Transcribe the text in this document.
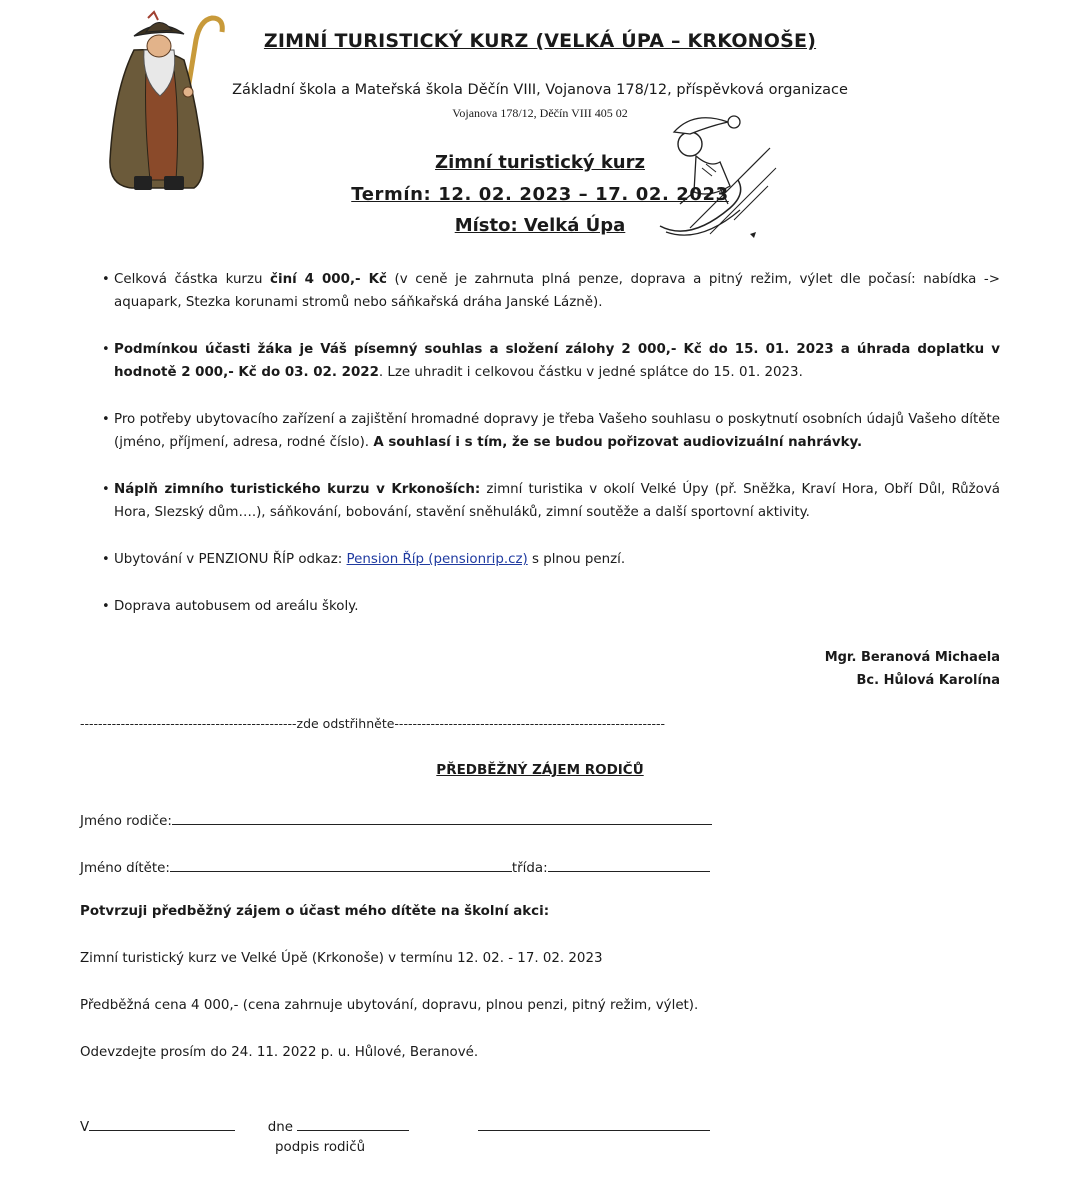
ZIMNÍ TURISTICKÝ KURZ (VELKÁ ÚPA – KRKONOŠE)
Základní škola a Mateřská škola Děčín VIII, Vojanova 178/12, příspěvková organizace
Vojanova 178/12, Děčín VIII 405 02
Zimní turistický kurz
Termín: 12. 02. 2023 – 17. 02. 2023
Místo: Velká Úpa
• Celková částka kurzu činí 4 000,- Kč (v ceně je zahrnuta plná penze, doprava a pitný režim, výlet dle počasí: nabídka -> aquapark, Stezka korunami stromů nebo sáňkařská dráha Janské Lázně).
• Podmínkou účasti žáka je Váš písemný souhlas a složení zálohy 2 000,- Kč do 15. 01. 2023 a úhrada doplatku v hodnotě 2 000,- Kč do 03. 02. 2022. Lze uhradit i celkovou částku v jedné splátce do 15. 01. 2023.
• Pro potřeby ubytovacího zařízení a zajištění hromadné dopravy je třeba Vašeho souhlasu o poskytnutí osobních údajů Vašeho dítěte (jméno, příjmení, adresa, rodné číslo). A souhlasí i s tím, že se budou pořizovat audiovizuální nahrávky.
• Náplň zimního turistického kurzu v Krkonoších: zimní turistika v okolí Velké Úpy (př. Sněžka, Kraví Hora, Obří Důl, Růžová Hora, Slezský dům….), sáňkování, bobování, stavění sněhuláků, zimní soutěže a další sportovní aktivity.
• Ubytování v PENZIONU ŘÍP odkaz: Pension Říp (pensionrip.cz) s plnou penzí.
• Doprava autobusem od areálu školy.
Mgr. Beranová Michaela
Bc. Hůlová Karolína
------------------------------------------------zde odstřihněte------------------------------------------------------------
PŘEDBĚŽNÝ ZÁJEM RODIČŮ
Jméno rodiče:
Jméno dítěte:	třída:
Potvrzuji předběžný zájem o účast mého dítěte na školní akci:
Zimní turistický kurz ve Velké Úpě (Krkonoše) v termínu 12. 02. - 17. 02. 2023
Předběžná cena 4 000,- (cena zahrnuje ubytování, dopravu, plnou penzi, pitný režim, výlet).
Odevzdejte prosím do 24. 11. 2022 p. u. Hůlové, Beranové.
V	dne
podpis rodičů
